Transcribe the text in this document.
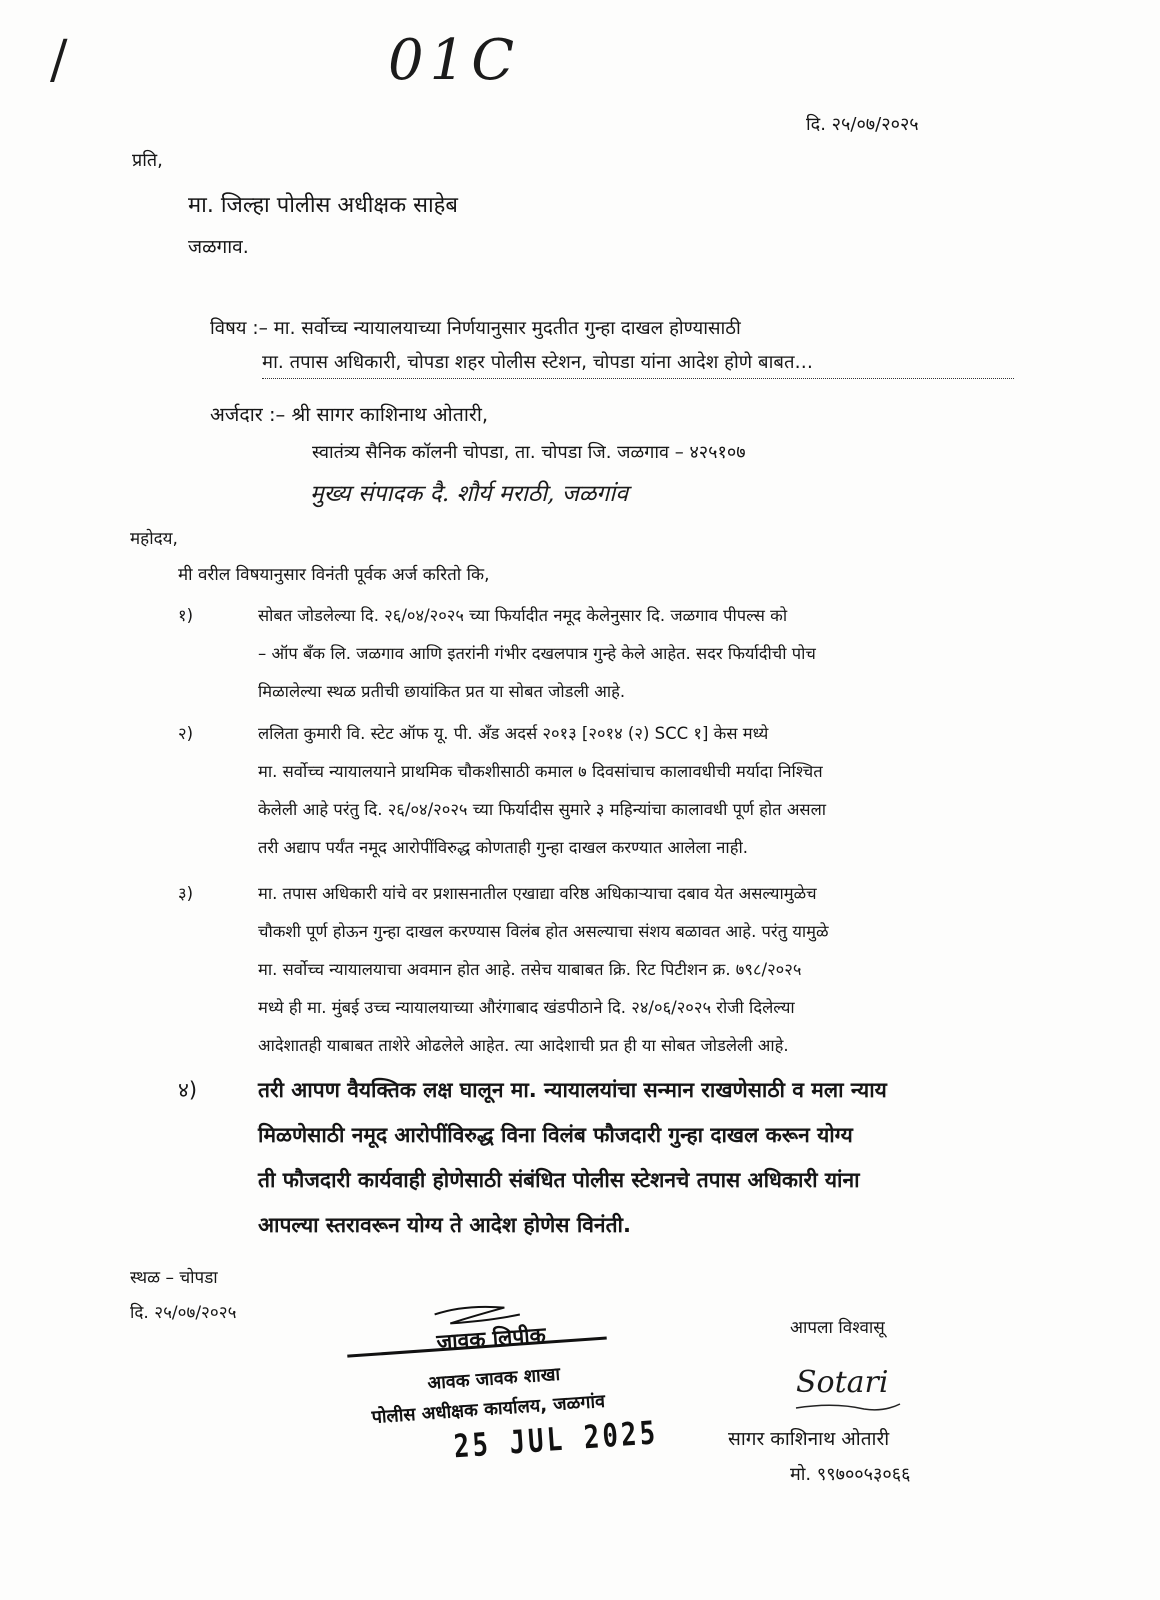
/	01C
दि. २५/०७/२०२५
प्रति,
मा. जिल्हा पोलीस अधीक्षक साहेब
जळगाव.
विषय :– मा. सर्वोच्च न्यायालयाच्या निर्णयानुसार मुदतीत गुन्हा दाखल होण्यासाठी
मा. तपास अधिकारी, चोपडा शहर पोलीस स्टेशन, चोपडा यांना आदेश होणे बाबत…
अर्जदार :– श्री सागर काशिनाथ ओतारी,
स्वातंत्र्य सैनिक कॉलनी चोपडा, ता. चोपडा जि. जळगाव – ४२५१०७
मुख्य संपादक दै. शौर्य मराठी, जळगांव
महोदय,
मी वरील विषयानुसार विनंती पूर्वक अर्ज करितो कि,
१)	सोबत जोडलेल्या दि. २६/०४/२०२५ च्या फिर्यादीत नमूद केलेनुसार दि. जळगाव पीपल्स को
– ऑप बँक लि. जळगाव आणि इतरांनी गंभीर दखलपात्र गुन्हे केले आहेत. सदर फिर्यादीची पोच
मिळालेल्या स्थळ प्रतीची छायांकित प्रत या सोबत जोडली आहे.
२)	ललिता कुमारी वि. स्टेट ऑफ यू. पी. अँड अदर्स २०१३ [२०१४ (२) SCC १] केस मध्ये
मा. सर्वोच्च न्यायालयाने प्राथमिक चौकशीसाठी कमाल ७ दिवसांचाच कालावधीची मर्यादा निश्चित
केलेली आहे परंतु दि. २६/०४/२०२५ च्या फिर्यादीस सुमारे ३ महिन्यांचा कालावधी पूर्ण होत असला
तरी अद्याप पर्यंत नमूद आरोपींविरुद्ध कोणताही गुन्हा दाखल करण्यात आलेला नाही.
३)	मा. तपास अधिकारी यांचे वर प्रशासनातील एखाद्या वरिष्ठ अधिकाऱ्याचा दबाव येत असल्यामुळेच
चौकशी पूर्ण होऊन गुन्हा दाखल करण्यास विलंब होत असल्याचा संशय बळावत आहे. परंतु यामुळे
मा. सर्वोच्च न्यायालयाचा अवमान होत आहे. तसेच याबाबत क्रि. रिट पिटीशन क्र. ७९८/२०२५
मध्ये ही मा. मुंबई उच्च न्यायालयाच्या औरंगाबाद खंडपीठाने दि. २४/०६/२०२५ रोजी दिलेल्या
आदेशातही याबाबत ताशेरे ओढलेले आहेत. त्या आदेशाची प्रत ही या सोबत जोडलेली आहे.
४)	तरी आपण वैयक्तिक लक्ष घालून मा. न्यायालयांचा सन्मान राखणेसाठी व मला न्याय
मिळणेसाठी नमूद आरोपींविरुद्ध विना विलंब फौजदारी गुन्हा दाखल करून योग्य
ती फौजदारी कार्यवाही होणेसाठी संबंधित पोलीस स्टेशनचे तपास अधिकारी यांना
आपल्या स्तरावरून योग्य ते आदेश होणेस विनंती.
स्थळ – चोपडा
दि. २५/०७/२०२५
जावक लिपीक
आवक जावक शाखा
पोलीस अधीक्षक कार्यालय, जळगांव
25 JUL 2025
आपला विश्वासू
Sotari
सागर काशिनाथ ओतारी
मो. ९९७००५३०६६
